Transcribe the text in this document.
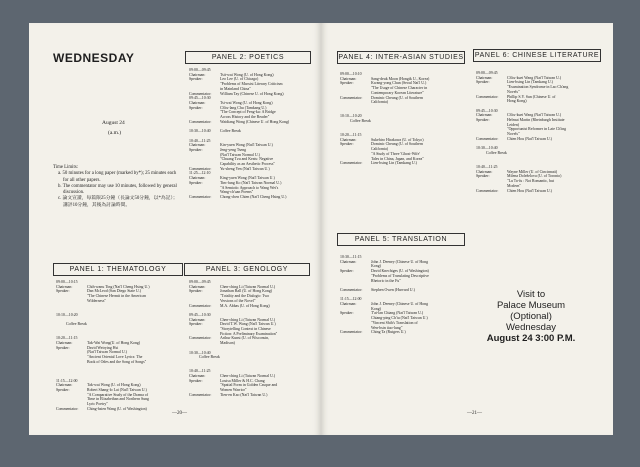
WEDNESDAY
August 24
(a.m.)

Time Limits:

a. 50 minutes for a long paper (marked by*); 25 minutes each for all other papers.

b. The commentator may use 10 minutes, followed by general discussion.

c. 論文宣讀，每篇限25分鐘（長論文50分鐘，以*為記）；講評10分鐘，其後為討論時間。

PANEL 2: POETICS
09:00—09:45
Chairman:	Tsit-wai Wong (U. of Hong Kong)
Speaker:	Leo Lee (U. of Chicago)
"Problems of Marxist Literary Criticism
in Mainland China"
Commentator:	William Tay (Chinese U. of Hong Kong)
09:45—10:30
Chairman:	Tsi-wai Wong (U. of Hong Kong)
Speaker:	Ch'iu-lang Chu (Tamkang U.)
"The Concept of Feng-ku: A Bridge
Across History and the Reader"
Commentator:	Waidiang Wong (Chinese U. of Hong Kong)
10:30—10:40	Coffee Break
10:40—11:25
Chairman:	Kin-yuen Wong (Nat'l Taiwan U.)
Speaker:	Jeng-yeng Tseng
(Nat'l Taiwan Normal U.)
"Chuang Tzu and Keats: Negative
Capability as an Aesthetic Process"
Commentator:	Yu-sheng Yen (Nat'l Taiwan U.)
11:25—12:10
Chairman:	King-yuen Wong (Nat'l Taiwan U.)
Speaker:	Tim-fung Ko (Nat'l Taiwan Normal U.)
"A Semiotic Approach to Wang Wei's
Wang-ch'uan Poems"
Commentator:	Chong-chen Chien (Nat'l Cheng Hsing U.)
PANEL 1: THEMATOLOGY
09:00—10:15
Chairman:	Chih-wanu Ting (Nat'l Cheng Hsing U.)
Speaker:	Dan McLeod (San Diego State U.)
"The Chinese Hermit in the American
Wilderness"
10:10—10:20
Coffee Break
10:20—11:15
Chairman:	Tak-Wai Wong(U. of Hong Kong)
Speaker:	David Weirying Hsi
(Nat'l Taiwan Normal U.)
"Ancient Oriental Love Lyrics: The
Book of Odes and the Song of Songs"
11:15—12:00
Chairman:	Tak-wai Wong (U. of Hong Kong)
Speaker:	Robert Shang-lo Lai (Nat'l Taiwan U.)
"A Comparative Study of the Drama of
Time in Elizabethan and Northern Sung
Lyric Poetry"
Commentator:	Ching-hsien Wang (U. of Washington)
PANEL 3: GENOLOGY
09:00—09:45
Chairman:	Chen-ching Li (Taiwan Normal U.)
Speaker:	Jonathan Ball (U. of Hong Kong)
"Totality and the Dialogic: Two
Versions of the Novel"
Commentator:	M.A. Abbas (U. of Hong Kong)
09:45—10:30
Chairman:	Chen-ching Li (Taiwan Normal U.)
Speaker:	David T.W. Wang (Nat'l Taiwan U.)
"Storytelling Context in Chinese
Fiction: A Preliminary Examination"
Commentator:	Arthur Kunst (U. of Wisconsin,
Madison)
10:30—10:40
Coffee Break
10:40—11:25
Chairman:	Chen-ching Li (Taiwan Normal U.)
Speaker:	Louisa Miller & H.C. Chang
"Spatial Form in Golden Casque and
Women Warrior"
Commentator:	Tien-en Kao (Nat'l Taiwan U.)
—20—
PANEL 4: INTER-ASIAN STUDIES
09:00—10:10
Chairman:	Sang-deuk Moon (Hongik U., Korea)
Speaker:	Kwang-yong Chun (Seoul Nat'l U.)
"The Usage of Chinese Character in
Contemporary Korean Literature"
Commentator:	Dominic Cheung (U. of Southern
California)
10:10—10:20
Coffee Break
10:20—11:15
Chairman:	Sukehiro Hirakawa (U. of Tokyo)
Speaker:	Dominic Cheung (U. of Southern
California)
"A Study of Three 'Ghost-Wife'
Tales in China, Japan, and Korea"
Commentator:	Lien-hsing Lin (Tamkang U.)
PANEL 6: CHINESE LITERATURE
09:00—09:45
Chairman:	Ch'iu-kuei Wang (Nat'l Taiwan U.)
Speaker:	Lien-hsing Lin (Tamkang U.)
"Examination Syndrome in Lao Ch'ang
Novels"
Commentator:	Phillip S.Y. Sun (Chinese U. of
Hong Kong)
09:45—10:30
Chairman:	Ch'iu-kuei Wang (Nat'l Taiwan U.)
Speaker:	Helmut Martin (Rheinburgh Institute
Leiden)
"Opportunist Reformer in Late Ch'ing
Novels"
Commentator:	Chien Hou (Nat'l Taiwan U.)
10:30—10:40
Coffee Break
10:40—11:25
Chairman:	Wayne Miller (U. of Cincinnati)
Speaker:	Milena Doleželova (U. of Toronto)
"Lu Ta-fu : Not Romantic, but
Modern"
Commentator:	Chien Hou (Nat'l Taiwan U.)
PANEL 5: TRANSLATION
10:30—11:15
Chairman:	John J. Deeney (Chinese U. of Hong
Kong)
Speaker:	David Knechtges (U. of Washington)
"Problems of Translating Descriptive
Rhetoric in the Fu"
Commentator:	Stephen Owen (Harvard U.)
11:15—12:00
Chairman:	John J. Deeney (Chinese U. of Hong
Kong)
Speaker:	T'ai-lan Chiang (Nat'l Taiwan U.)
Chiang-ping Ch'iu (Nat'l Taiwan U.)
"Vincent Shih's Translation of
Wen-hsin tiao-lung"
Commentator:	Ching Ta (Rutgers U.)
Visit to
Palace Museum
(Optional)
Wednesday
August 24 3:00 P.M.
—21—
